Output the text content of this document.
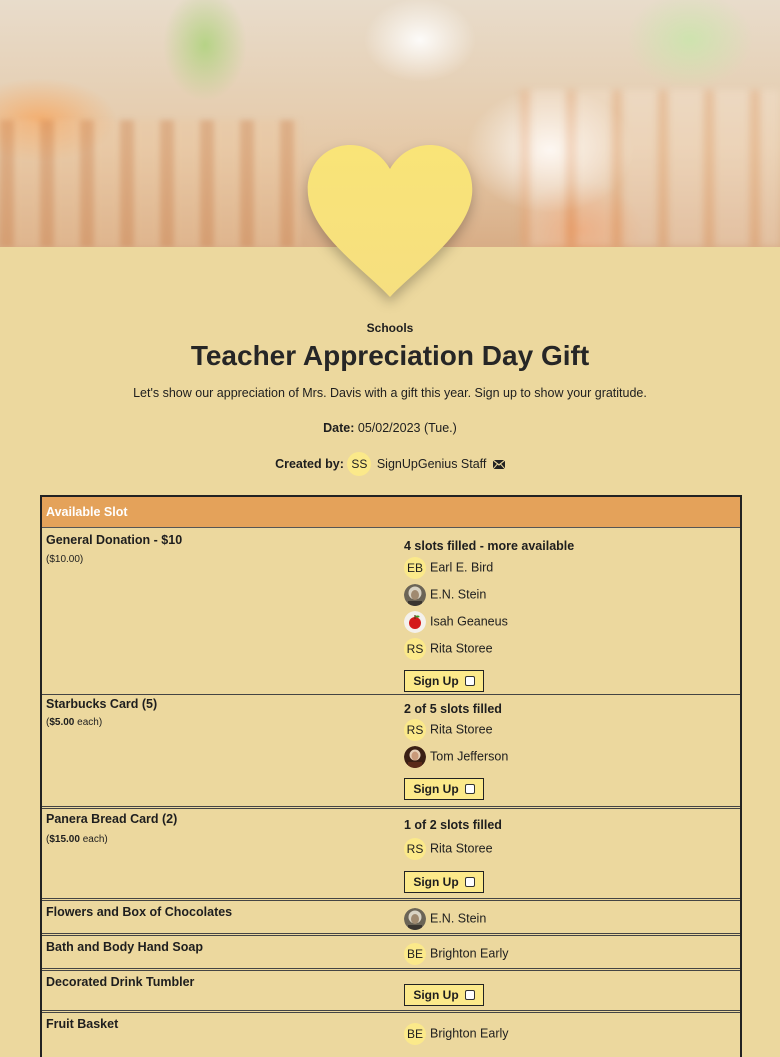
Schools
Teacher Appreciation Day Gift
Let's show our appreciation of Mrs. Davis with a gift this year. Sign up to show your gratitude.
Date: 05/02/2023 (Tue.)
Created by: SS SignUpGenius Staff
Available Slot
General Donation - $10
($10.00)
4 slots filled - more available
EB Earl E. Bird
E.N. Stein
Isah Geaneus
RS Rita Storee
Sign Up
Starbucks Card (5)
($5.00 each)
2 of 5 slots filled
RS Rita Storee
Tom Jefferson
Sign Up
Panera Bread Card (2)
($15.00 each)
1 of 2 slots filled
RS Rita Storee
Sign Up
Flowers and Box of Chocolates	E.N. Stein
Bath and Body Hand Soap	BE Brighton Early
Decorated Drink Tumbler
Sign Up
Fruit Basket
BE Brighton Early
